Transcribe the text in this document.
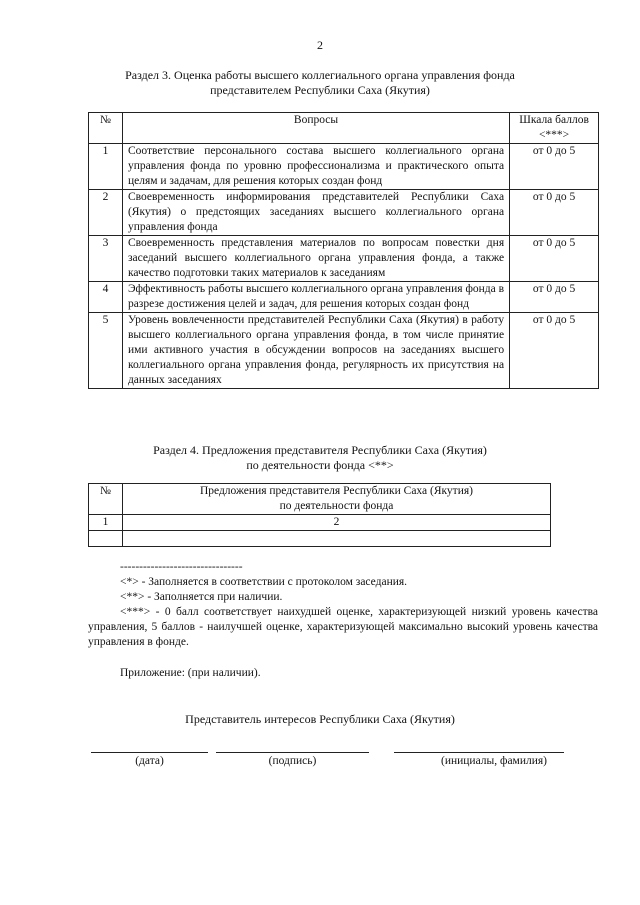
2
Раздел 3. Оценка работы высшего коллегиального органа управления фонда
представителем Республики Саха (Якутия)
№	Вопросы	Шкала баллов
<***>

1	Соответствие персонального состава высшего коллегиального органа управления фонда по уровню профессионализма и практического опыта целям и задачам, для решения которых создан фонд	от 0 до 5
2	Своевременность информирования представителей Республики Саха (Якутия) о предстоящих заседаниях высшего коллегиального органа управления фонда	от 0 до 5
3	Своевременность представления материалов по вопросам повестки дня заседаний высшего коллегиального органа управления фонда, а также качество подготовки таких материалов к заседаниям	от 0 до 5
4	Эффективность работы высшего коллегиального органа управления фонда в разрезе достижения целей и задач, для решения которых создан фонд	от 0 до 5
5	Уровень вовлеченности представителей Республики Саха (Якутия) в работу высшего коллегиального органа управления фонда, в том числе принятие ими активного участия в обсуждении вопросов на заседаниях высшего коллегиального органа управления фонда, регулярность их присутствия на данных заседаниях	от 0 до 5
Раздел 4. Предложения представителя Республики Саха (Якутия)
по деятельности фонда <**>
№	Предложения представителя Республики Саха (Якутия)
по деятельности фонда

1	2

--------------------------------
<*> - Заполняется в соответствии с протоколом заседания.
<**> - Заполняется при наличии.
<***> - 0 балл соответствует наихудшей оценке, характеризующей низкий уровень качества управления, 5 баллов - наилучшей оценке, характеризующей максимально высокий уровень качества управления в фонде.
Приложение: (при наличии).
Представитель интересов Республики Саха (Якутия)
(дата)	(подпись)	(инициалы, фамилия)
